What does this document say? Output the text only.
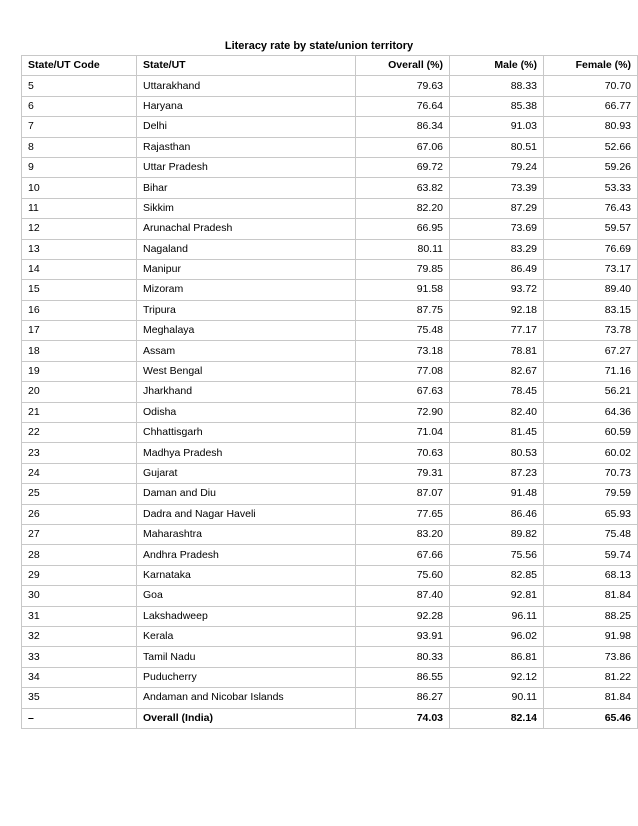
Literacy rate by state/union territory
State/UT Code	State/UT	Overall (%)	Male (%)	Female (%)
5	Uttarakhand	79.63	88.33	70.70
6	Haryana	76.64	85.38	66.77
7	Delhi	86.34	91.03	80.93
8	Rajasthan	67.06	80.51	52.66
9	Uttar Pradesh	69.72	79.24	59.26
10	Bihar	63.82	73.39	53.33
11	Sikkim	82.20	87.29	76.43
12	Arunachal Pradesh	66.95	73.69	59.57
13	Nagaland	80.11	83.29	76.69
14	Manipur	79.85	86.49	73.17
15	Mizoram	91.58	93.72	89.40
16	Tripura	87.75	92.18	83.15
17	Meghalaya	75.48	77.17	73.78
18	Assam	73.18	78.81	67.27
19	West Bengal	77.08	82.67	71.16
20	Jharkhand	67.63	78.45	56.21
21	Odisha	72.90	82.40	64.36
22	Chhattisgarh	71.04	81.45	60.59
23	Madhya Pradesh	70.63	80.53	60.02
24	Gujarat	79.31	87.23	70.73
25	Daman and Diu	87.07	91.48	79.59
26	Dadra and Nagar Haveli	77.65	86.46	65.93
27	Maharashtra	83.20	89.82	75.48
28	Andhra Pradesh	67.66	75.56	59.74
29	Karnataka	75.60	82.85	68.13
30	Goa	87.40	92.81	81.84
31	Lakshadweep	92.28	96.11	88.25
32	Kerala	93.91	96.02	91.98
33	Tamil Nadu	80.33	86.81	73.86
34	Puducherry	86.55	92.12	81.22
35	Andaman and Nicobar Islands	86.27	90.11	81.84
–	Overall (India)	74.03	82.14	65.46
